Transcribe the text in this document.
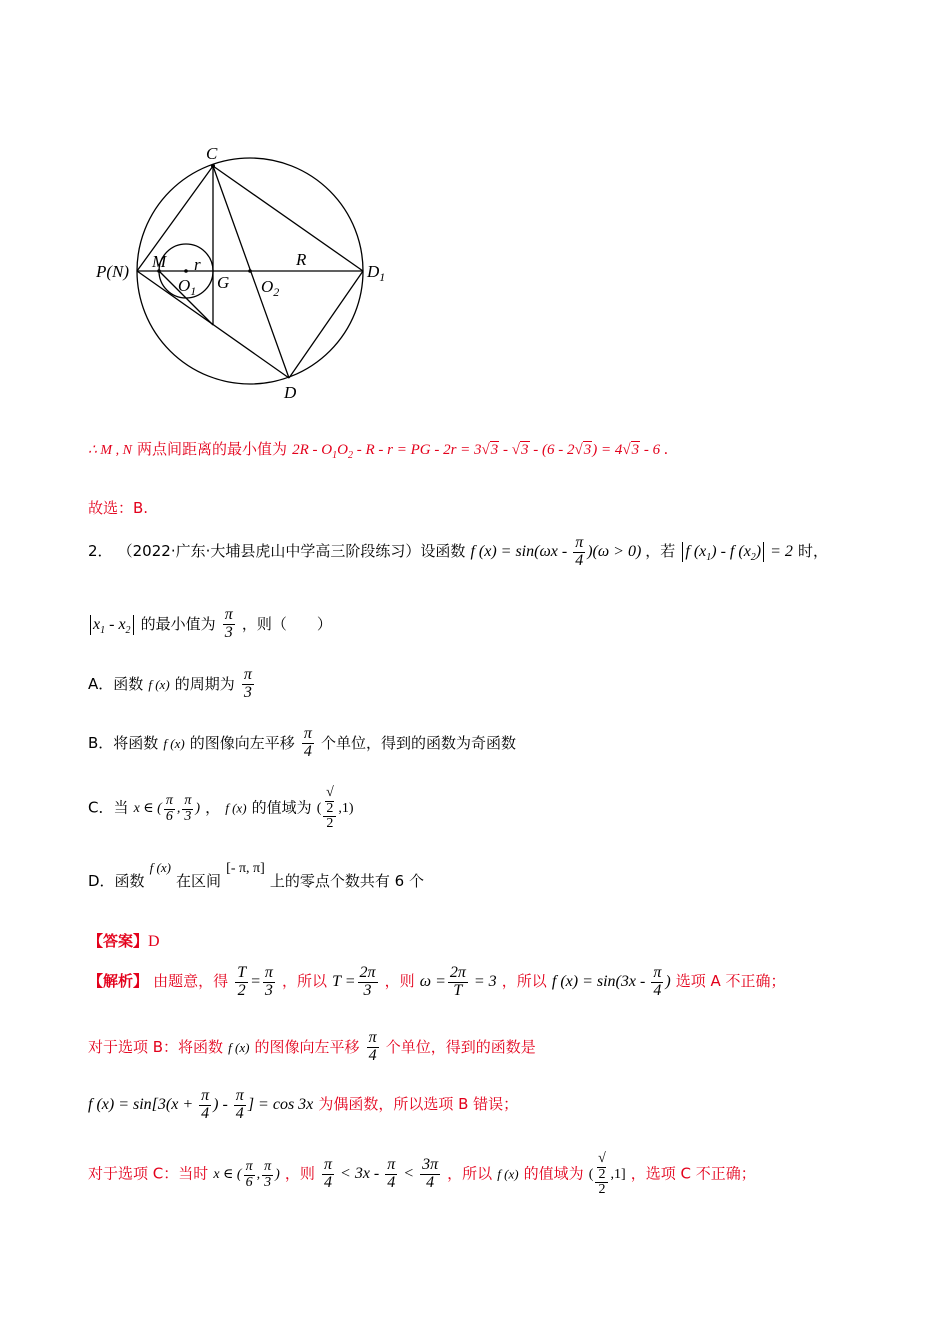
C
P(N)
M r
$O_1$ G $O_2$
R
$D_1$
D
∴ M , N 两点间距离的最小值为 $2R - O_1O_2$ - R - r = PG - 2r = 3√3 - √3 - (6 - 2√3) = 4√3 - 6 .
故选：B.
2． （2022·广东·大埔县虎山中学高三阶段练习）设函数 f $(x) = \sin(\omega x - \frac{\pi}{4} )(\omega > 0)$ ，若 f $(x_1)$ - f $(x_2) = 2$ 时，
$x_1 - x_2$ 的最小值为 $\frac{\pi}{3}$ ，则（　　）
A．函数 f (x) 的周期为 $\frac{\pi}{3}$
B．将函数 f (x) 的图像向左平移 $\frac{\pi}{4}$ 个单位，得到的函数为奇函数
C．当 x ∈ ( $\frac{\pi}{6}$ , $\frac{\pi}{3}$ ) ， f (x) 的值域为 ( √
2
2 ,1)
D．函数 $^{f (x)}$ 在区间 [- π, π] 上的零点个数共有 6 个
【答案】D
【解析】 由题意，得 $\frac{T}{2} = \frac{\pi}{3}$ ，所以 $T = \frac{2\pi}{3}$ ，则 $\omega = \frac{2\pi}{T} = 3$ ，所以 f $(x) = \sin(3x - \frac{\pi}{4}$ ) 选项 A 不正确；
对于选项 B：将函数 f (x) 的图像向左平移 $\frac{\pi}{4}$ 个单位，得到的函数是
f $(x) = \sin[3(x + \frac{\pi}{4}$ ) - $\frac{\pi}{4}$ ] = cos 3x 为偶函数，所以选项 B 错误；
对于选项 C：当时 x ∈ ( $\frac{\pi}{6}$ , $\frac{\pi}{3}$ ) ，则 $\frac{\pi}{4} < 3x - \frac{\pi}{4} < \frac{3\pi}{4}$ ，所以 f (x) 的值域为 ( √
2
2 ,1] ，选项 C 不正确；
